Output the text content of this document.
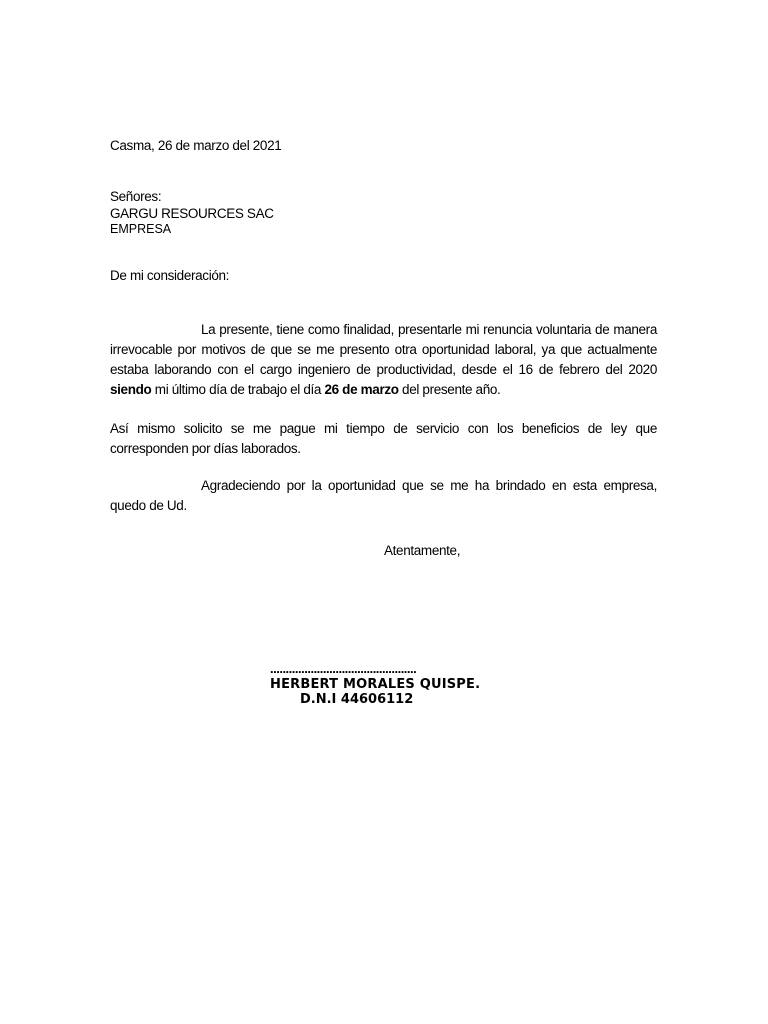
Casma, 26 de marzo del 2021
Señores:
GARGU RESOURCES SAC
EMPRESA
De mi consideración:
La presente, tiene como finalidad, presentarle mi renuncia voluntaria de manera irrevocable por motivos de que se me presento otra oportunidad laboral, ya que actualmente estaba laborando con el cargo ingeniero de productividad, desde el 16 de febrero del 2020 siendo mi último día de trabajo el día 26 de marzo del presente año.
Así mismo solicito se me pague mi tiempo de servicio con los beneficios de ley que corresponden por días laborados.
Agradeciendo por la oportunidad que se me ha brindado en esta empresa, quedo de Ud.
Atentamente,
...............................................
HERBERT MORALES QUISPE.
D.N.I 44606112
